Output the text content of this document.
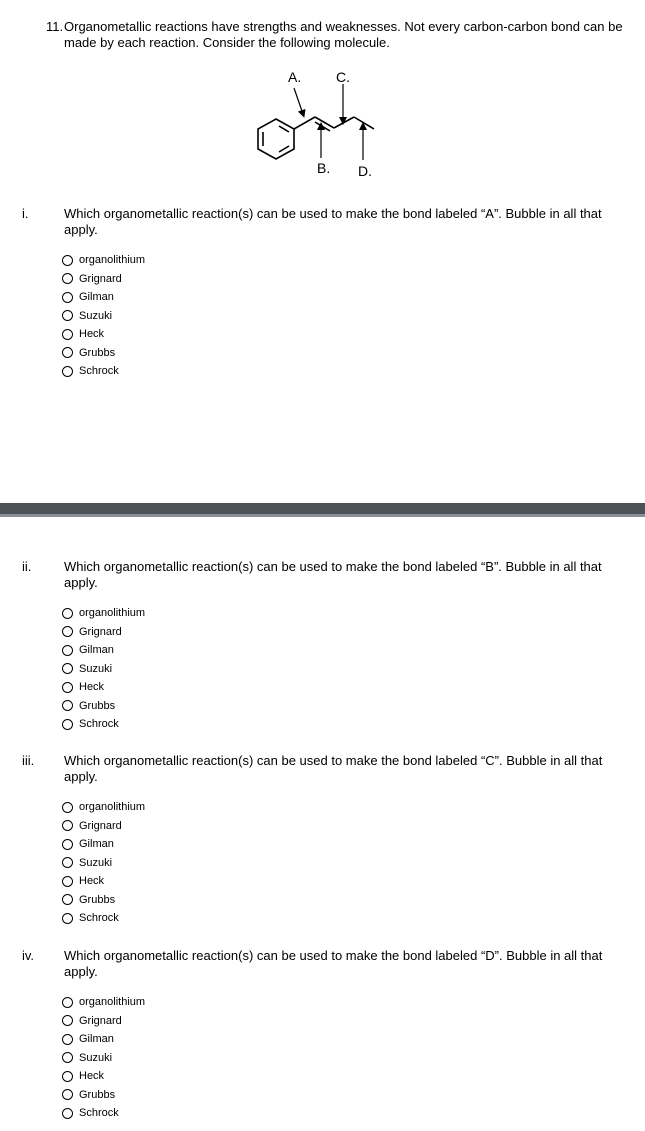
11. Organometallic reactions have strengths and weaknesses. Not every carbon-carbon bond can be made by each reaction. Consider the following molecule.
A. C.
B. D.
i.	Which organometallic reaction(s) can be used to make the bond labeled “A”. Bubble in all that apply.
organolithium
Grignard
Gilman
Suzuki
Heck
Grubbs
Schrock
ii.	Which organometallic reaction(s) can be used to make the bond labeled “B”. Bubble in all that apply.
organolithium
Grignard
Gilman
Suzuki
Heck
Grubbs
Schrock
iii. Which organometallic reaction(s) can be used to make the bond labeled “C”. Bubble in all that apply.
organolithium
Grignard
Gilman
Suzuki
Heck
Grubbs
Schrock
iv. Which organometallic reaction(s) can be used to make the bond labeled “D”. Bubble in all that apply.
organolithium
Grignard
Gilman
Suzuki
Heck
Grubbs
Schrock
